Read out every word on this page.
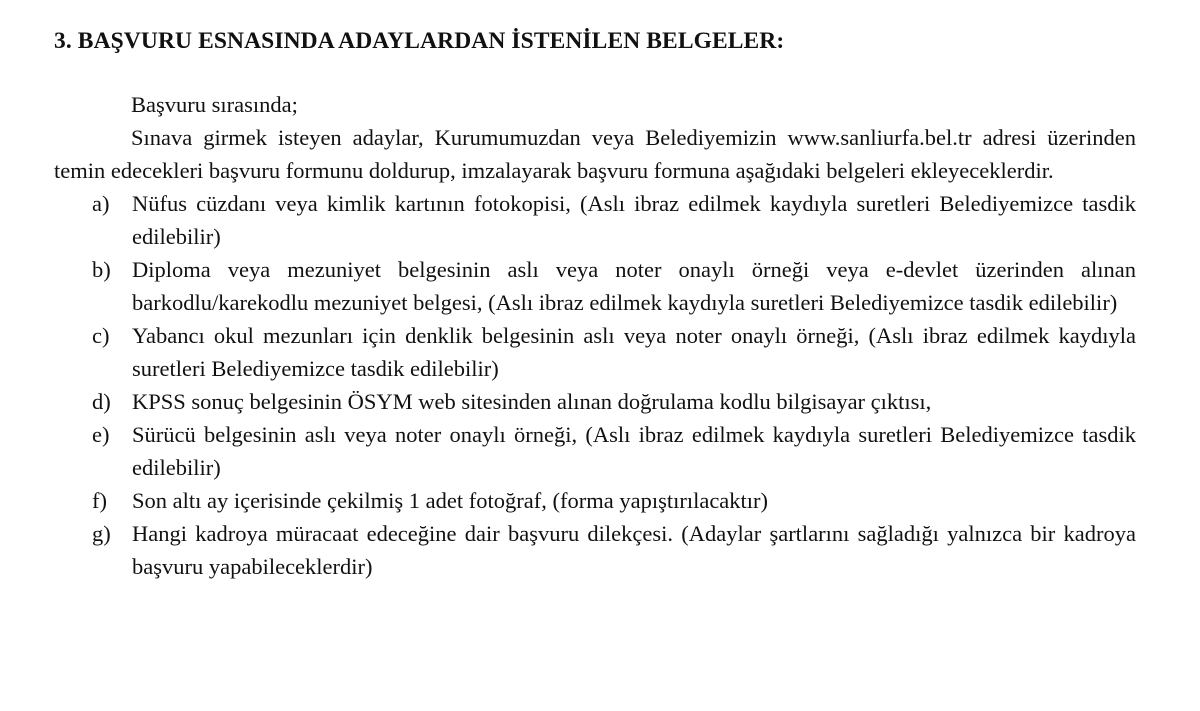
3. BAŞVURU ESNASINDA ADAYLARDAN İSTENİLEN BELGELER:

Başvuru sırasında;

Sınava girmek isteyen adaylar, Kurumumuzdan veya Belediyemizin www.sanliurfa.bel.tr adresi üzerinden temin edecekleri başvuru formunu doldurup, imzalayarak başvuru formuna aşağıdaki belgeleri ekleyeceklerdir.

a)	Nüfus cüzdanı veya kimlik kartının fotokopisi, (Aslı ibraz edilmek kaydıyla suretleri Belediyemizce tasdik edilebilir)
b) Diploma veya mezuniyet belgesinin aslı veya noter onaylı örneği veya e-devlet üzerinden alınan barkodlu/karekodlu mezuniyet belgesi, (Aslı ibraz edilmek kaydıyla suretleri Belediyemizce tasdik edilebilir)
c)	Yabancı okul mezunları için denklik belgesinin aslı veya noter onaylı örneği, (Aslı ibraz edilmek kaydıyla suretleri Belediyemizce tasdik edilebilir)
d) KPSS sonuç belgesinin ÖSYM web sitesinden alınan doğrulama kodlu bilgisayar çıktısı,
e)	Sürücü belgesinin aslı veya noter onaylı örneği, (Aslı ibraz edilmek kaydıyla suretleri Belediyemizce tasdik edilebilir)
f)	Son altı ay içerisinde çekilmiş 1 adet fotoğraf, (forma yapıştırılacaktır)
g) Hangi kadroya müracaat edeceğine dair başvuru dilekçesi. (Adaylar şartlarını sağladığı yalnızca bir kadroya başvuru yapabileceklerdir)
